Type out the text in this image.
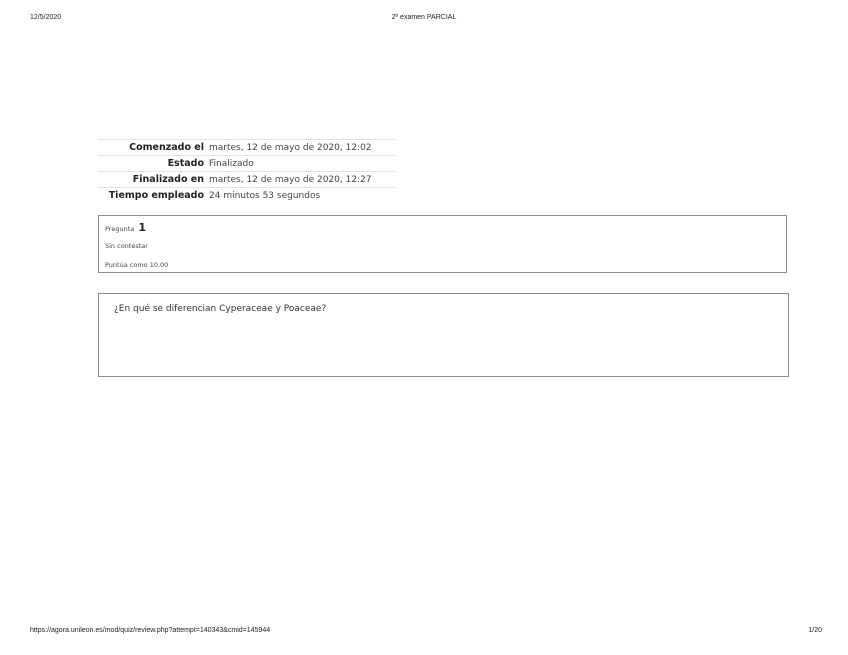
12/5/2020	2º examen PARCIAL
Comenzado el	martes, 12 de mayo de 2020, 12:02
Estado	Finalizado
Finalizado en	martes, 12 de mayo de 2020, 12:27
Tiempo empleado	24 minutos 53 segundos
Pregunta 1
Sin contestar
Puntúa como 10,00
¿En qué se diferencian Cyperaceae y Poaceae?
https://agora.unileon.es/mod/quiz/review.php?attempt=140343&cmid=145944	1/20
